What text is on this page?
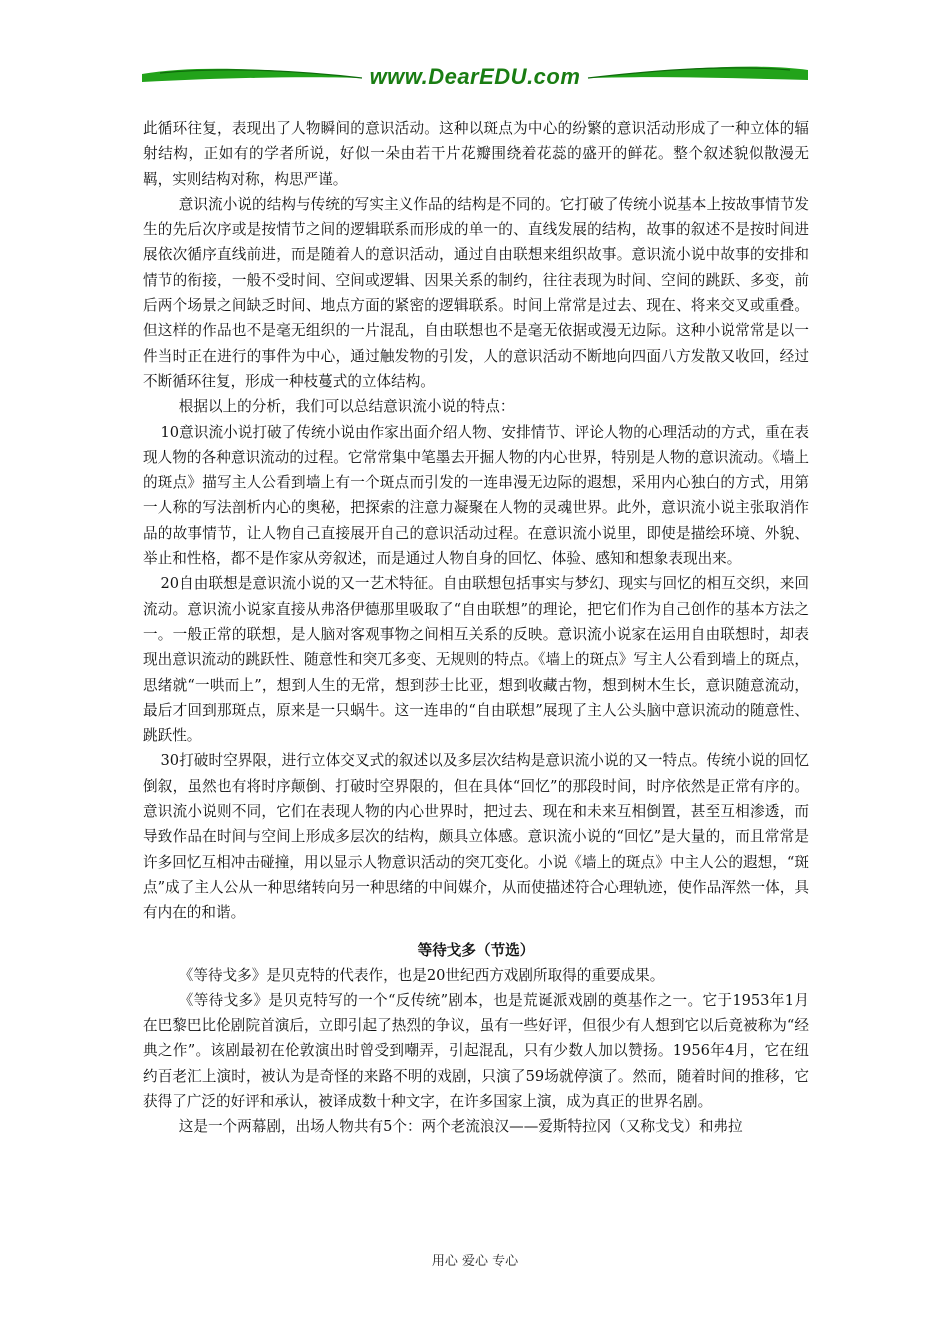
www.DearEDU.com

此循环往复，表现出了人物瞬间的意识活动。这种以斑点为中心的纷繁的意识活动形成了一种立体的辐射结构，正如有的学者所说，好似一朵由若干片花瓣围绕着花蕊的盛开的鲜花。整个叙述貌似散漫无羁，实则结构对称，构思严谨。

意识流小说的结构与传统的写实主义作品的结构是不同的。它打破了传统小说基本上按故事情节发生的先后次序或是按情节之间的逻辑联系而形成的单一的、直线发展的结构，故事的叙述不是按时间进展依次循序直线前进，而是随着人的意识活动，通过自由联想来组织故事。意识流小说中故事的安排和情节的衔接，一般不受时间、空间或逻辑、因果关系的制约，往往表现为时间、空间的跳跃、多变，前后两个场景之间缺乏时间、地点方面的紧密的逻辑联系。时间上常常是过去、现在、将来交叉或重叠。但这样的作品也不是毫无组织的一片混乱，自由联想也不是毫无依据或漫无边际。这种小说常常是以一件当时正在进行的事件为中心，通过触发物的引发，人的意识活动不断地向四面八方发散又收回，经过不断循环往复，形成一种枝蔓式的立体结构。

根据以上的分析，我们可以总结意识流小说的特点：

10意识流小说打破了传统小说由作家出面介绍人物、安排情节、评论人物的心理活动的方式，重在表现人物的各种意识流动的过程。它常常集中笔墨去开掘人物的内心世界，特别是人物的意识流动。《墙上的斑点》描写主人公看到墙上有一个斑点而引发的一连串漫无边际的遐想，采用内心独白的方式，用第一人称的写法剖析内心的奥秘，把探索的注意力凝聚在人物的灵魂世界。此外，意识流小说主张取消作品的故事情节，让人物自己直接展开自己的意识活动过程。在意识流小说里，即使是描绘环境、外貌、举止和性格，都不是作家从旁叙述，而是通过人物自身的回忆、体验、感知和想象表现出来。

20自由联想是意识流小说的又一艺术特征。自由联想包括事实与梦幻、现实与回忆的相互交织，来回流动。意识流小说家直接从弗洛伊德那里吸取了“自由联想”的理论，把它们作为自己创作的基本方法之一。一般正常的联想，是人脑对客观事物之间相互关系的反映。意识流小说家在运用自由联想时，却表现出意识流动的跳跃性、随意性和突兀多变、无规则的特点。《墙上的斑点》写主人公看到墙上的斑点，思绪就“一哄而上”，想到人生的无常，想到莎士比亚，想到收藏古物，想到树木生长，意识随意流动，最后才回到那斑点，原来是一只蜗牛。这一连串的“自由联想”展现了主人公头脑中意识流动的随意性、跳跃性。

30打破时空界限，进行立体交叉式的叙述以及多层次结构是意识流小说的又一特点。传统小说的回忆倒叙，虽然也有将时序颠倒、打破时空界限的，但在具体“回忆”的那段时间，时序依然是正常有序的。意识流小说则不同，它们在表现人物的内心世界时，把过去、现在和未来互相倒置，甚至互相渗透，而导致作品在时间与空间上形成多层次的结构，颇具立体感。意识流小说的“回忆”是大量的，而且常常是许多回忆互相冲击碰撞，用以显示人物意识活动的突兀变化。小说《墙上的斑点》中主人公的遐想，“斑点”成了主人公从一种思绪转向另一种思绪的中间媒介，从而使描述符合心理轨迹，使作品浑然一体，具有内在的和谐。

等待戈多（节选）

《等待戈多》是贝克特的代表作，也是20世纪西方戏剧所取得的重要成果。

《等待戈多》是贝克特写的一个“反传统”剧本，也是荒诞派戏剧的奠基作之一。它于1953年1月在巴黎巴比伦剧院首演后，立即引起了热烈的争议，虽有一些好评，但很少有人想到它以后竟被称为“经典之作”。该剧最初在伦敦演出时曾受到嘲弄，引起混乱，只有少数人加以赞扬。1956年4月，它在纽约百老汇上演时，被认为是奇怪的来路不明的戏剧，只演了59场就停演了。然而，随着时间的推移，它获得了广泛的好评和承认，被译成数十种文字，在许多国家上演，成为真正的世界名剧。

这是一个两幕剧，出场人物共有5个：两个老流浪汉——爱斯特拉冈（又称戈戈）和弗拉

用心 爱心 专心
